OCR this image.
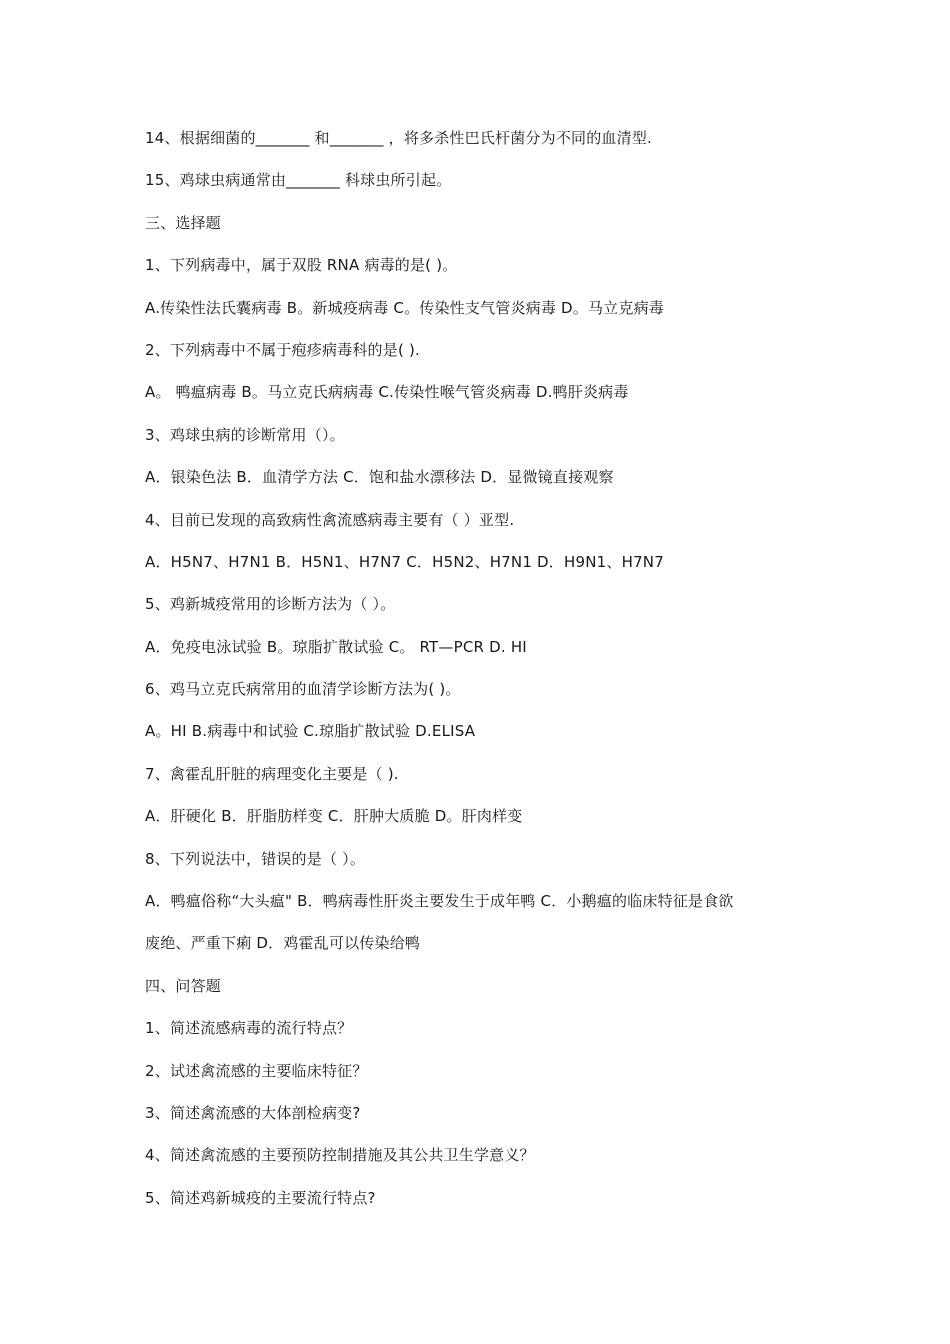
14、根据细菌的_______ 和_______ ，将多杀性巴氏杆菌分为不同的血清型.
15、鸡球虫病通常由_______ 科球虫所引起。
三、选择题
1、下列病毒中，属于双股 RNA 病毒的是( )。
A.传染性法氏囊病毒 B。新城疫病毒 C。传染性支气管炎病毒 D。马立克病毒
2、下列病毒中不属于疱疹病毒科的是( ).
A。 鸭瘟病毒 B。马立克氏病病毒 C.传染性喉气管炎病毒 D.鸭肝炎病毒
3、鸡球虫病的诊断常用（）。
A．银染色法 B．血清学方法 C．饱和盐水漂移法 D．显微镜直接观察
4、目前已发现的高致病性禽流感病毒主要有（ ）亚型.
A．H5N7、H7N1 B．H5N1、H7N7 C．H5N2、H7N1 D．H9N1、H7N7
5、鸡新城疫常用的诊断方法为（ ）。
A．免疫电泳试验 B。琼脂扩散试验 C。 RT—PCR D. HI
6、鸡马立克氏病常用的血清学诊断方法为( )。
A。HI B.病毒中和试验 C.琼脂扩散试验 D.ELISA
7、禽霍乱肝脏的病理变化主要是（ ).
A．肝硬化 B．肝脂肪样变 C．肝肿大质脆 D。肝肉样变
8、下列说法中，错误的是（ ）。
A．鸭瘟俗称“大头瘟" B．鸭病毒性肝炎主要发生于成年鸭 C．小鹅瘟的临床特征是食欲
废绝、严重下痢 D．鸡霍乱可以传染给鸭
四、问答题
1、简述流感病毒的流行特点？
2、试述禽流感的主要临床特征？
3、简述禽流感的大体剖检病变?
4、简述禽流感的主要预防控制措施及其公共卫生学意义？
5、简述鸡新城疫的主要流行特点?
